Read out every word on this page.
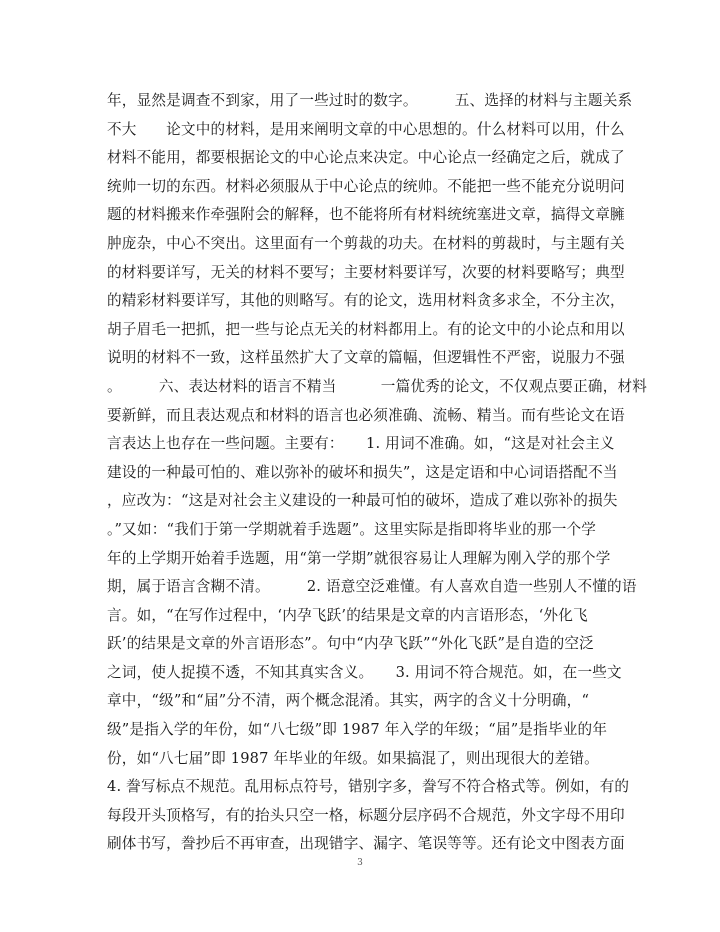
年，显然是调查不到家，用了一些过时的数字。　　　五、选择的材料与主题关系
不大　　论文中的材料，是用来阐明文章的中心思想的。什么材料可以用，什么
材料不能用，都要根据论文的中心论点来决定。中心论点一经确定之后，就成了
统帅一切的东西。材料必须服从于中心论点的统帅。不能把一些不能充分说明问
题的材料搬来作牵强附会的解释，也不能将所有材料统统塞进文章，搞得文章臃
肿庞杂，中心不突出。这里面有一个剪裁的功夫。在材料的剪裁时，与主题有关
的材料要详写，无关的材料不要写；主要材料要详写，次要的材料要略写；典型
的精彩材料要详写，其他的则略写。有的论文，选用材料贪多求全，不分主次，
胡子眉毛一把抓，把一些与论点无关的材料都用上。有的论文中的小论点和用以
说明的材料不一致，这样虽然扩大了文章的篇幅，但逻辑性不严密，说服力不强
。　　　六、表达材料的语言不精当　　　一篇优秀的论文，不仅观点要正确，材料
要新鲜，而且表达观点和材料的语言也必须准确、流畅、精当。而有些论文在语
言表达上也存在一些问题。主要有：　　1. 用词不准确。如，“这是对社会主义
建设的一种最可怕的、难以弥补的破坏和损失”，这是定语和中心词语搭配不当
，应改为：“这是对社会主义建设的一种最可怕的破坏，造成了难以弥补的损失
。”又如：“我们于第一学期就着手选题”。这里实际是指即将毕业的那一个学
年的上学期开始着手选题，用“第一学期”就很容易让人理解为刚入学的那个学
期，属于语言含糊不清。　　　2. 语意空泛难懂。有人喜欢自造一些别人不懂的语
言。如，“在写作过程中，‘内孕飞跃’的结果是文章的内言语形态，‘外化飞
跃’的结果是文章的外言语形态”。句中“内孕飞跃”“外化飞跃”是自造的空泛
之词，使人捉摸不透，不知其真实含义。　　3. 用词不符合规范。如，在一些文
章中，“级”和“届”分不清，两个概念混淆。其实，两字的含义十分明确，“
级”是指入学的年份，如“八七级”即 1987 年入学的年级；“届”是指毕业的年
份，如“八七届”即 1987 年毕业的年级。如果搞混了，则出现很大的差错。
4. 誊写标点不规范。乱用标点符号，错别字多，誊写不符合格式等。例如，有的
每段开头顶格写，有的抬头只空一格，标题分层序码不合规范，外文字母不用印
刷体书写，誊抄后不再审查，出现错字、漏字、笔误等等。还有论文中图表方面
3
